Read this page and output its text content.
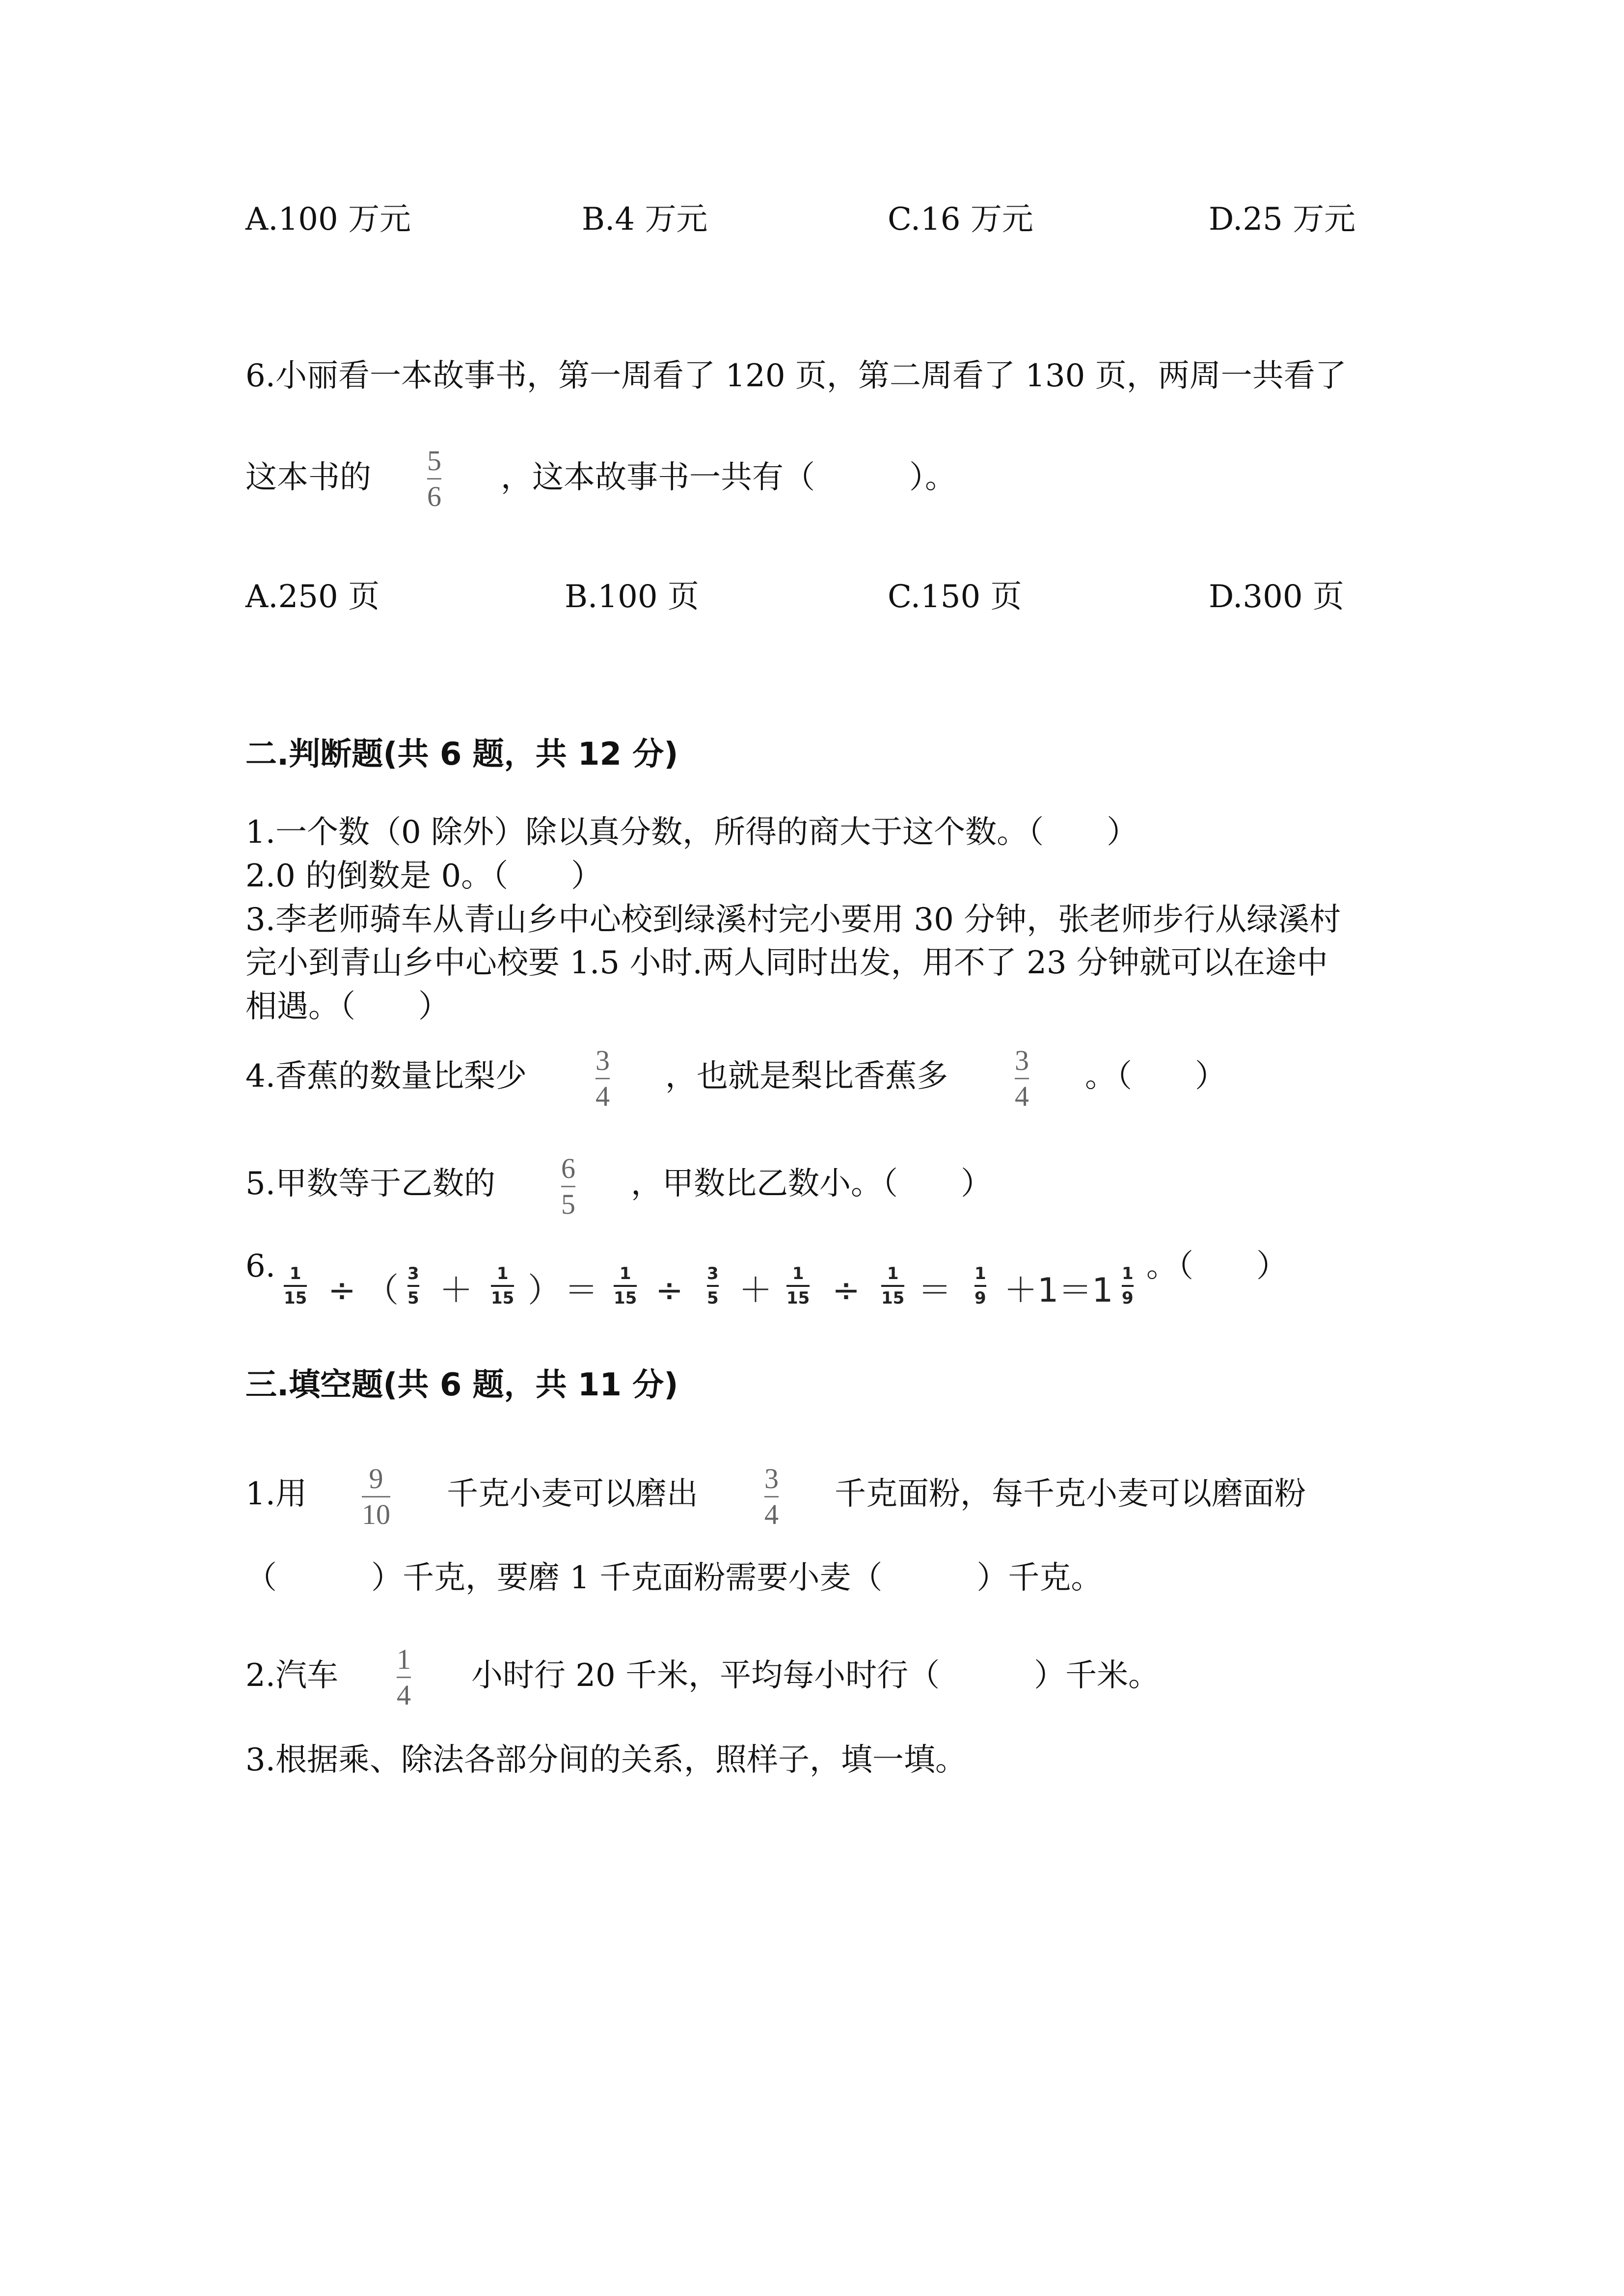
A.100 万元	B.4 万元	C.16 万元	D.25 万元
6.小丽看一本故事书，第一周看了 120 页，第二周看了 130 页，两周一共看了
这本书的 5
6
，这本故事书一共有（　　　）。
A.250 页	B.100 页	C.150 页	D.300 页
二.判断题(共 6 题，共 12 分)
1.一个数（0 除外）除以真分数，所得的商大于这个数。（　　）
2.0 的倒数是 0。（　　）
3.李老师骑车从青山乡中心校到绿溪村完小要用 30 分钟，张老师步行从绿溪村
完小到青山乡中心校要 1.5 小时.两人同时出发，用不了 23 分钟就可以在途中
相遇。（　　）
4.香蕉的数量比梨少 3
4
，也就是梨比香蕉多 3
4
。（　　）
5.甲数等于乙数的 6
5
，甲数比乙数小。（　　）
6. 1
15 ÷ （ 3
5 ＋ 1
15 ） ＝ 1
15 ÷ 3
5 ＋ 1
15 ÷ 1
15 ＝ 1
9 ＋1＝1 1
9
。（　　）
三.填空题(共 6 题，共 11 分)
1.用 9
10
千克小麦可以磨出 3
4
千克面粉，每千克小麦可以磨面粉
（　　　）千克，要磨 1 千克面粉需要小麦（　　　）千克。
2.汽车 1
4
小时行 20 千米，平均每小时行（　　　）千米。
3.根据乘、除法各部分间的关系，照样子，填一填。
